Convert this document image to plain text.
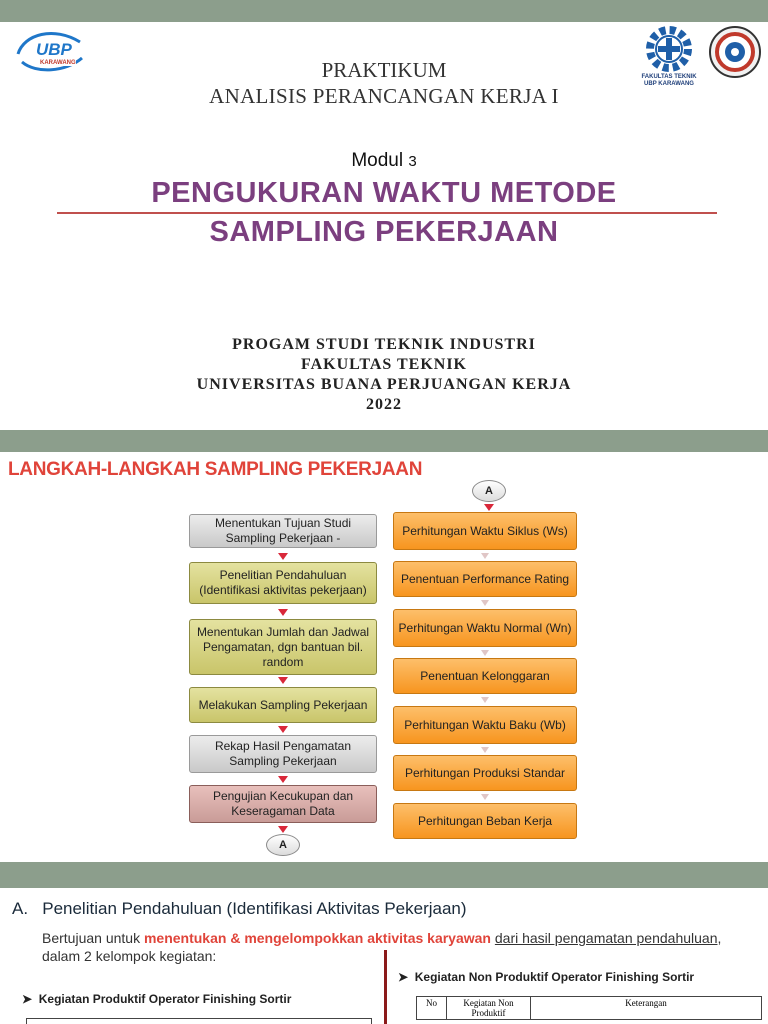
UBP
KARAWANG
FAKULTAS TEKNIK
UBP KARAWANG
PRAKTIKUM
ANALISIS PERANCANGAN KERJA I
Modul 3
PENGUKURAN WAKTU METODE
SAMPLING PEKERJAAN
PROGAM STUDI TEKNIK INDUSTRI
FAKULTAS TEKNIK
UNIVERSITAS BUANA PERJUANGAN KERJA
2022
LANGKAH-LANGKAH SAMPLING PEKERJAAN
Menentukan Tujuan Studi Sampling Pekerjaan -
Penelitian Pendahuluan (Identifikasi aktivitas pekerjaan)
Menentukan Jumlah dan Jadwal Pengamatan, dgn bantuan bil. random
Melakukan Sampling Pekerjaan
Rekap Hasil Pengamatan Sampling Pekerjaan
Pengujian Kecukupan dan Keseragaman Data
A
A
Perhitungan Waktu Siklus (Ws)
Penentuan Performance Rating
Perhitungan Waktu Normal (Wn)
Penentuan Kelonggaran
Perhitungan Waktu Baku (Wb)
Perhitungan Produksi Standar
Perhitungan Beban Kerja
A.   Penelitian Pendahuluan (Identifikasi Aktivitas Pekerjaan)
Bertujuan untuk menentukan & mengelompokkan aktivitas karyawan dari hasil pengamatan pendahuluan,
dalam 2 kelompok kegiatan:
➤  Kegiatan Non Produktif Operator Finishing Sortir
➤  Kegiatan Produktif Operator Finishing Sortir	No	Kegiatan Non Produktif	Keterangan
